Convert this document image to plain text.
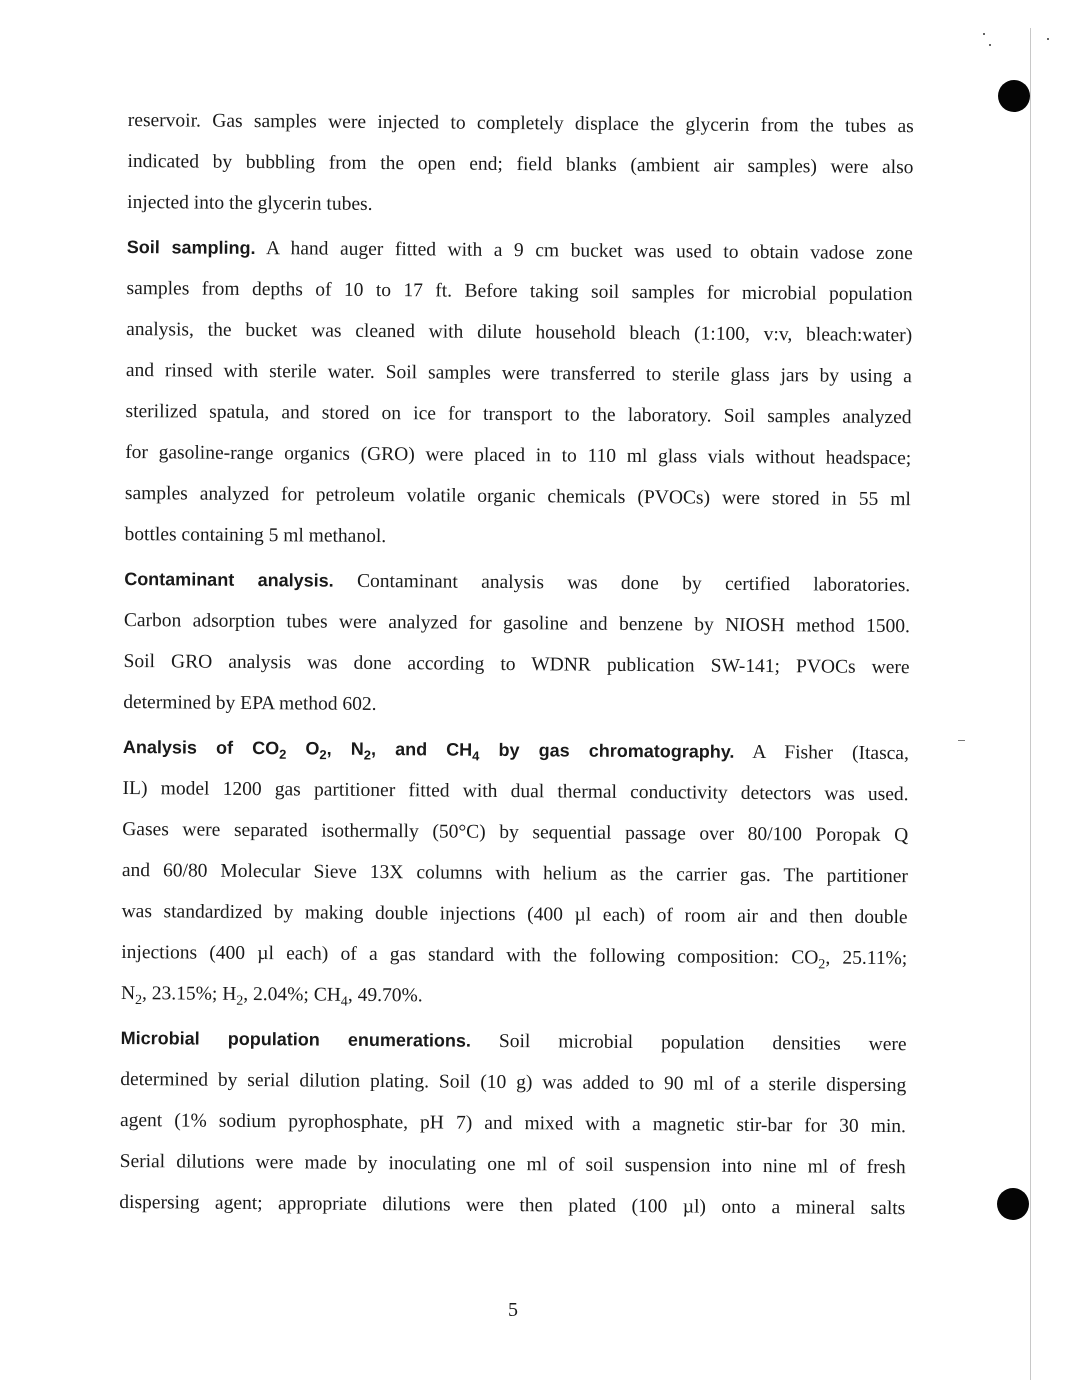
reservoir. Gas samples were injected to completely displace the glycerin from the tubes as
indicated by bubbling from the open end; field blanks (ambient air samples) were also
injected into the glycerin tubes.
Soil sampling. A hand auger fitted with a 9 cm bucket was used to obtain vadose zone
samples from depths of 10 to 17 ft. Before taking soil samples for microbial population
analysis, the bucket was cleaned with dilute household bleach (1:100, v:v, bleach:water)
and rinsed with sterile water. Soil samples were transferred to sterile glass jars by using a
sterilized spatula, and stored on ice for transport to the laboratory. Soil samples analyzed
for gasoline-range organics (GRO) were placed in to 110 ml glass vials without headspace;
samples analyzed for petroleum volatile organic chemicals (PVOCs) were stored in 55 ml
bottles containing 5 ml methanol.
Contaminant analysis. Contaminant analysis was done by certified laboratories.
Carbon adsorption tubes were analyzed for gasoline and benzene by NIOSH method 1500.
Soil GRO analysis was done according to WDNR publication SW-141; PVOCs were
determined by EPA method 602.
Analysis of $CO_2$ $O_2$, $N_2$, and $CH_4$ by gas chromatography. A Fisher (Itasca,
IL) model 1200 gas partitioner fitted with dual thermal conductivity detectors was used.
Gases were separated isothermally (50°C) by sequential passage over 80/100 Poropak Q
and 60/80 Molecular Sieve 13X columns with helium as the carrier gas. The partitioner
was standardized by making double injections (400 µl each) of room air and then double
injections (400 µl each) of a gas standard with the following composition: $CO_2$, 25.11%;
$N_2$, 23.15%; $H_2$, 2.04%; $CH_4$, 49.70%.
Microbial population enumerations. Soil microbial population densities were
determined by serial dilution plating. Soil (10 g) was added to 90 ml of a sterile dispersing
agent (1% sodium pyrophosphate, pH 7) and mixed with a magnetic stir-bar for 30 min.
Serial dilutions were made by inoculating one ml of soil suspension into nine ml of fresh
dispersing agent; appropriate dilutions were then plated (100 µl) onto a mineral salts
5
